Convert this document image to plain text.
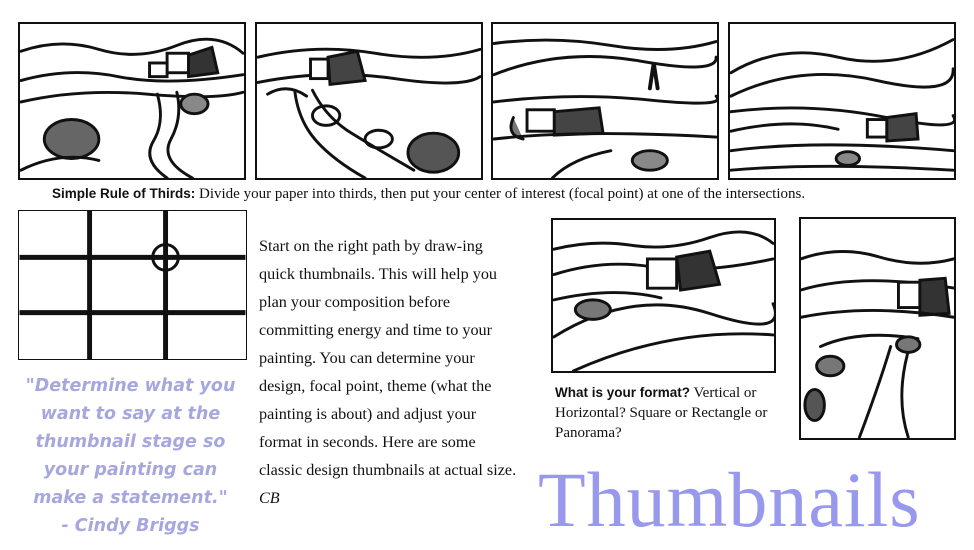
Simple Rule of Thirds: Divide your paper into thirds, then put your center of interest (focal point) at one of the intersections.
Start on the right path by draw-ing quick thumbnails. This will help you plan your composition before committing energy and time to your painting. You can determine your design, focal point, theme (what the painting is about) and adjust your format in seconds. Here are some classic design thumbnails at actual size. CB
What is your format? Vertical or Horizontal? Square or Rectangle or Panorama?
"Determine what you want to say at the thumbnail stage so your painting can make a statement."
- Cindy Briggs	Thumbnails
